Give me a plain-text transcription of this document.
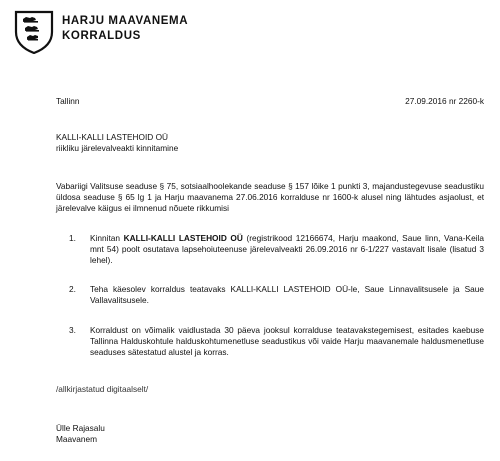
HARJU MAAVANEMA
KORRALDUS
Tallinn	27.09.2016 nr 2260-k
KALLI-KALLI LASTEHOID OÜ
riikliku järelevalveakti kinnitamine
Vabariigi Valitsuse seaduse § 75, sotsiaalhoolekande seaduse § 157 lõike 1 punkti 3, majandustegevuse seadustiku üldosa seaduse § 65 lg 1 ja Harju maavanema 27.06.2016 korralduse nr 1600-k alusel ning lähtudes asjaolust, et järelevalve käigus ei ilmnenud nõuete rikkumisi
1. Kinnitan KALLI-KALLI LASTEHOID OÜ (registrikood 12166674, Harju maakond, Saue linn, Vana-Keila mnt 54) poolt osutatava lapsehoiuteenuse järelevalveakti 26.09.2016 nr 6-1/227 vastavalt lisale (lisatud 3 lehel).
2. Teha käesolev korraldus teatavaks KALLI-KALLI LASTEHOID OÜ-le, Saue Linnavalitsusele ja Saue Vallavalitsusele.
3. Korraldust on võimalik vaidlustada 30 päeva jooksul korralduse teatavakstegemisest, esitades kaebuse Tallinna Halduskohtule halduskohtumenetluse seadustikus või vaide Harju maavanemale haldusmenetluse seaduses sätestatud alustel ja korras.
/allkirjastatud digitaalselt/
Ülle Rajasalu
Maavanem
